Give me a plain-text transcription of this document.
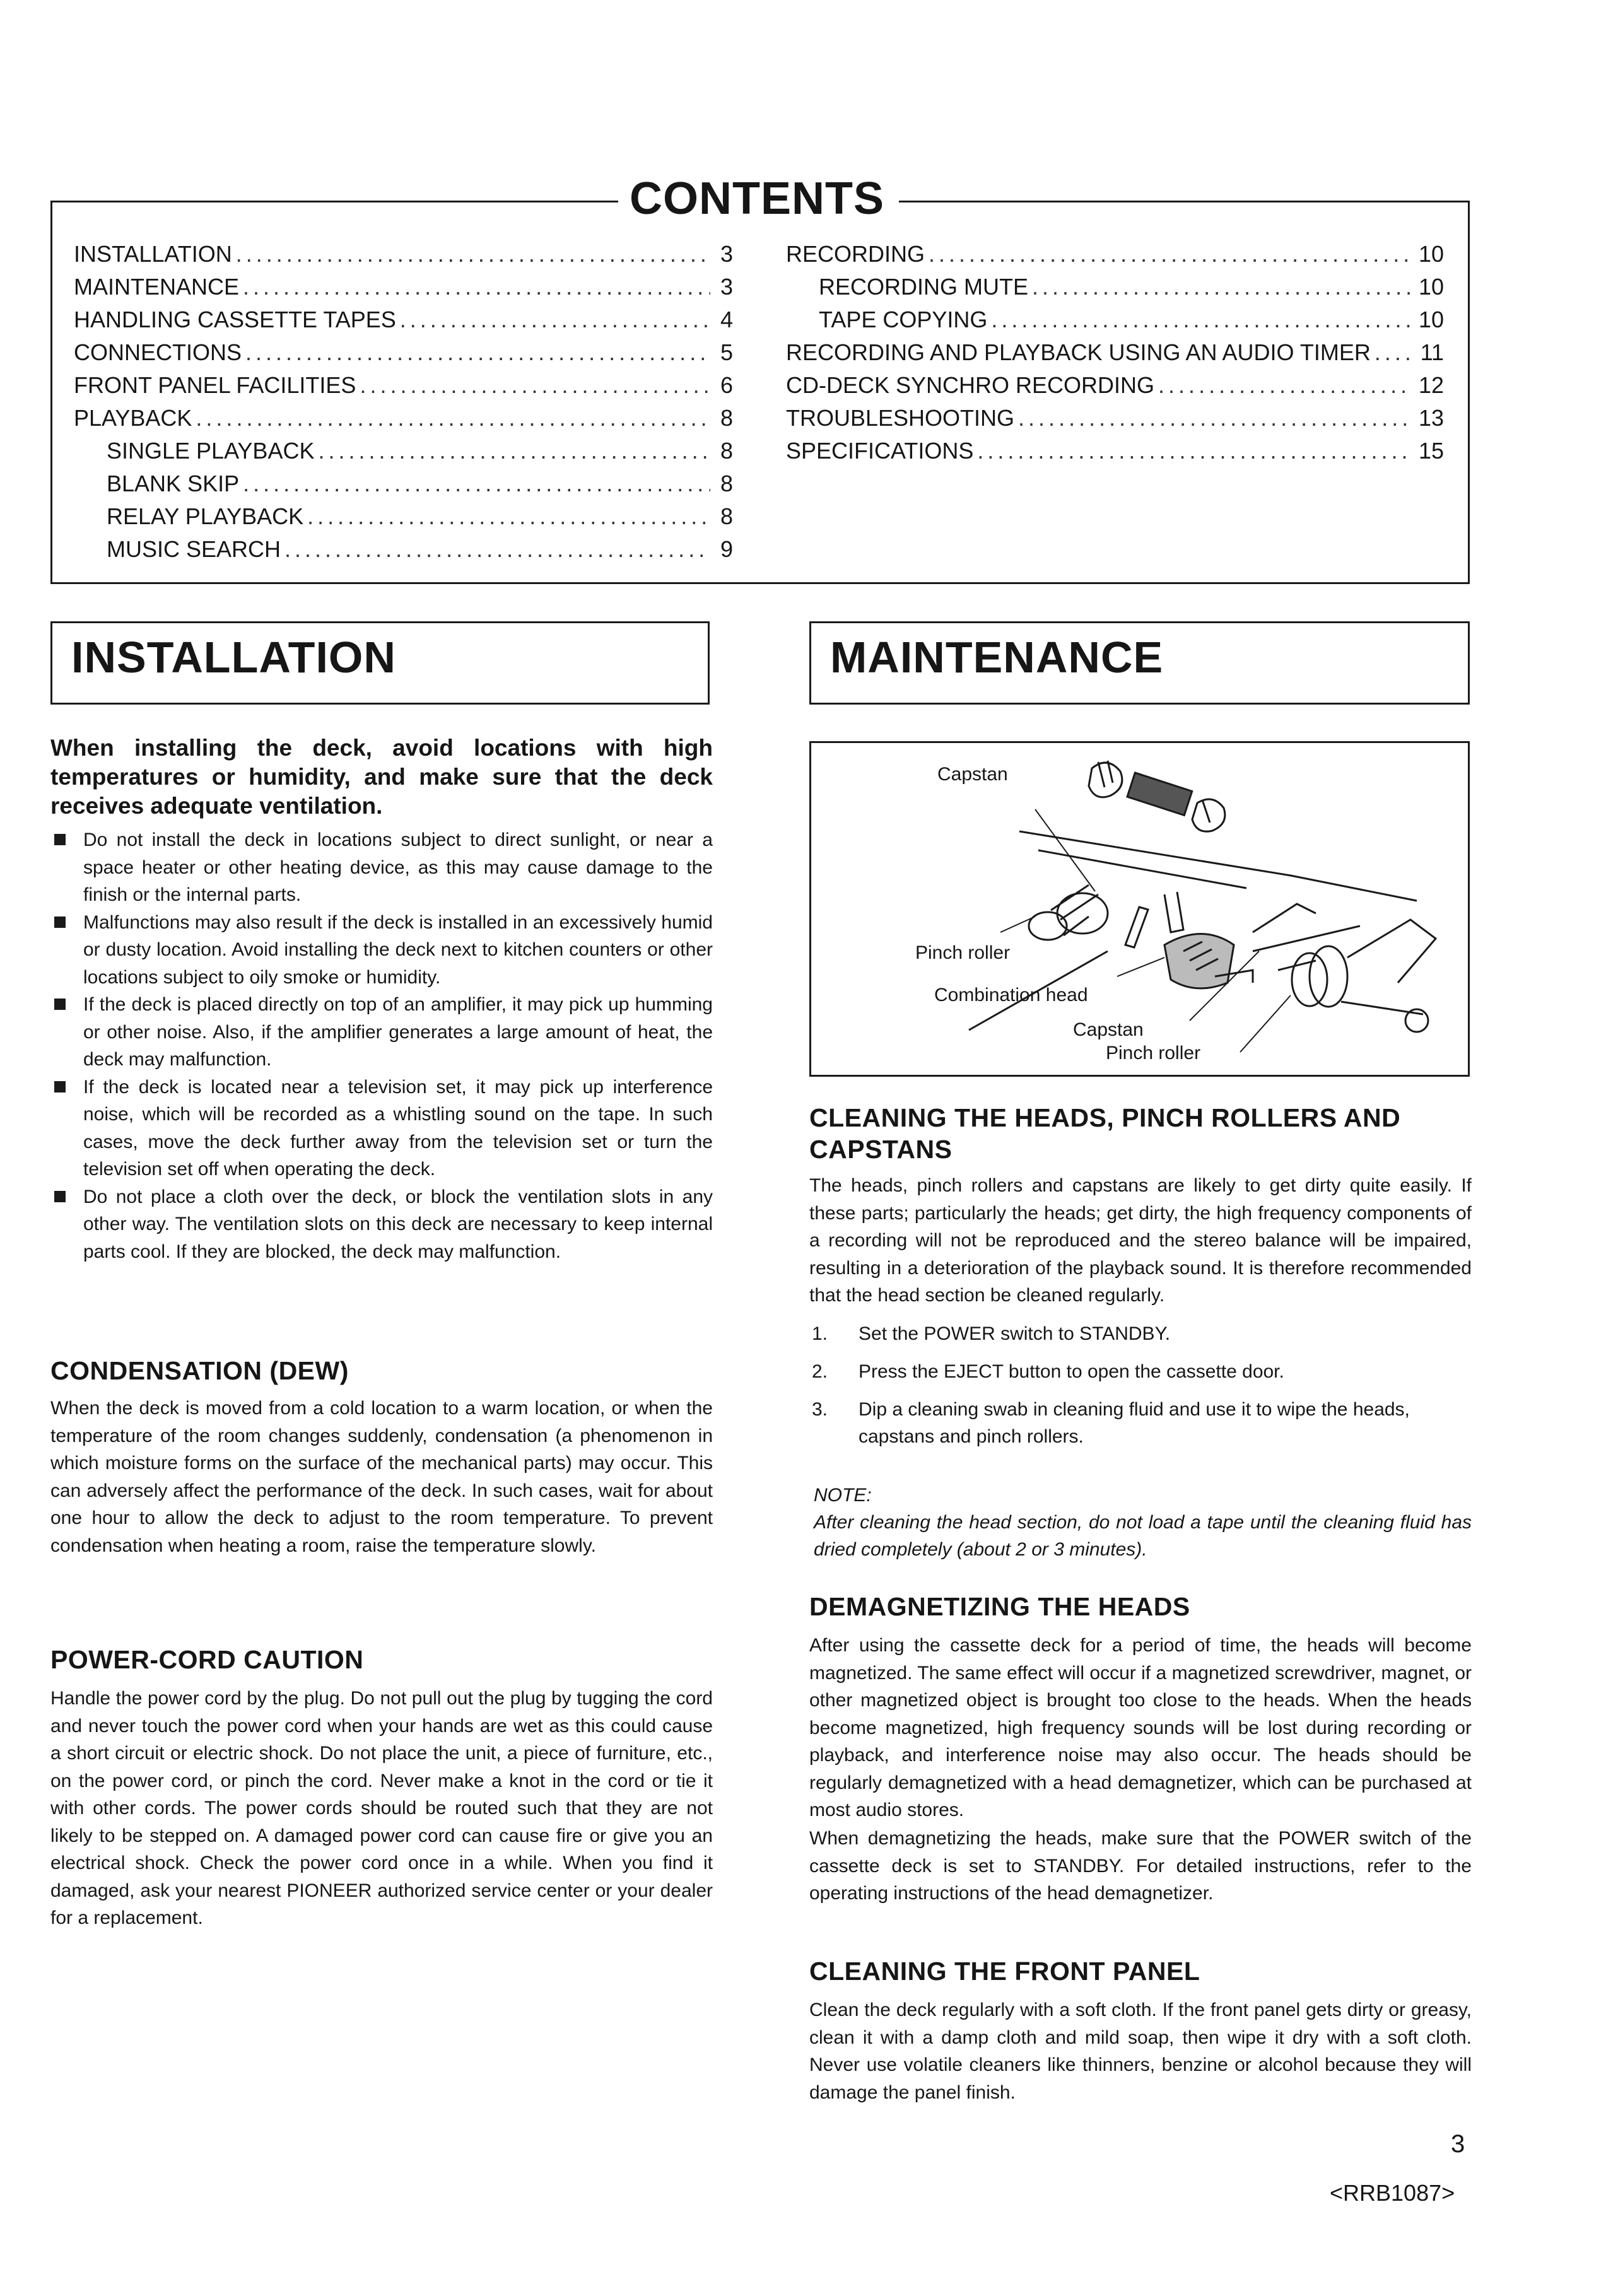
CONTENTS
INSTALLATION . . .	3
MAINTENANCE . . .	3
HANDLING CASSETTE TAPES . . .	4
CONNECTIONS . . .	5
FRONT PANEL FACILITIES . . .	6
PLAYBACK . . .	8
SINGLE PLAYBACK . . .	8
BLANK SKIP . . .	8
RELAY PLAYBACK . . .	8
MUSIC SEARCH . . .	9
RECORDING . . .	10
RECORDING MUTE . . .	10
TAPE COPYING . . .	10
RECORDING AND PLAYBACK USING AN AUDIO TIMER . . . 11
CD-DECK SYNCHRO RECORDING . . .	12
TROUBLESHOOTING . . .	13
SPECIFICATIONS . . .	15
INSTALLATION
When installing the deck, avoid locations with high temperatures or humidity, and make sure that the deck receives adequate ventilation.
Do not install the deck in locations subject to direct sunlight, or near a space heater or other heating device, as this may cause damage to the finish or the internal parts.
Malfunctions may also result if the deck is installed in an excessively humid or dusty location. Avoid installing the deck next to kitchen counters or other locations subject to oily smoke or humidity.
If the deck is placed directly on top of an amplifier, it may pick up humming or other noise. Also, if the amplifier generates a large amount of heat, the deck may malfunction.
If the deck is located near a television set, it may pick up interference noise, which will be recorded as a whistling sound on the tape. In such cases, move the deck further away from the television set or turn the television set off when operating the deck.
Do not place a cloth over the deck, or block the ventilation slots in any other way. The ventilation slots on this deck are necessary to keep internal parts cool. If they are blocked, the deck may malfunction.
CONDENSATION (DEW)
When the deck is moved from a cold location to a warm location, or when the temperature of the room changes suddenly, condensation (a phenomenon in which moisture forms on the surface of the mechanical parts) may occur. This can adversely affect the performance of the deck. In such cases, wait for about one hour to allow the deck to adjust to the room temperature. To prevent condensation when heating a room, raise the temperature slowly.
POWER-CORD CAUTION
Handle the power cord by the plug. Do not pull out the plug by tugging the cord and never touch the power cord when your hands are wet as this could cause a short circuit or electric shock. Do not place the unit, a piece of furniture, etc., on the power cord, or pinch the cord. Never make a knot in the cord or tie it with other cords. The power cords should be routed such that they are not likely to be stepped on. A damaged power cord can cause fire or give you an electrical shock. Check the power cord once in a while. When you find it damaged, ask your nearest PIONEER authorized service center or your dealer for a replacement.
MAINTENANCE
Capstan
Pinch roller
Combination head
Capstan
Pinch roller
CLEANING THE HEADS, PINCH ROLLERS AND CAPSTANS
The heads, pinch rollers and capstans are likely to get dirty quite easily. If these parts; particularly the heads; get dirty, the high frequency components of a recording will not be reproduced and the stereo balance will be impaired, resulting in a deterioration of the playback sound. It is therefore recommended that the head section be cleaned regularly.
1. Set the POWER switch to STANDBY.
2. Press the EJECT button to open the cassette door.
3. Dip a cleaning swab in cleaning fluid and use it to wipe the heads, capstans and pinch rollers.
NOTE:
After cleaning the head section, do not load a tape until the cleaning fluid has dried completely (about 2 or 3 minutes).
DEMAGNETIZING THE HEADS
After using the cassette deck for a period of time, the heads will become magnetized. The same effect will occur if a magnetized screwdriver, magnet, or other magnetized object is brought too close to the heads. When the heads become magnetized, high frequency sounds will be lost during recording or playback, and interference noise may also occur. The heads should be regularly demagnetized with a head demagnetizer, which can be purchased at most audio stores.
When demagnetizing the heads, make sure that the POWER switch of the cassette deck is set to STANDBY. For detailed instructions, refer to the operating instructions of the head demagnetizer.
CLEANING THE FRONT PANEL
Clean the deck regularly with a soft cloth. If the front panel gets dirty or greasy, clean it with a damp cloth and mild soap, then wipe it dry with a soft cloth. Never use volatile cleaners like thinners, benzine or alcohol because they will damage the panel finish.
3
<RRB1087>
